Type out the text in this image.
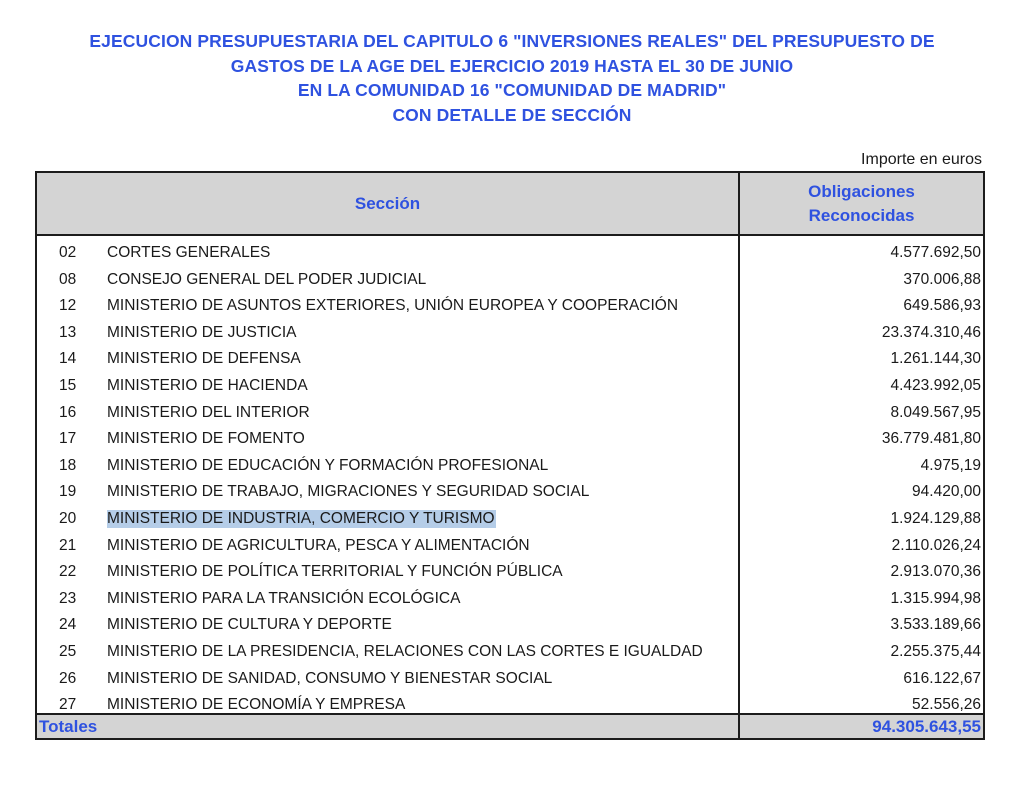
EJECUCION PRESUPUESTARIA DEL CAPITULO 6 "INVERSIONES REALES" DEL PRESUPUESTO DE
GASTOS DE LA AGE DEL EJERCICIO 2019 HASTA EL 30 DE JUNIO
EN LA COMUNIDAD 16 "COMUNIDAD DE MADRID"
CON DETALLE DE SECCIÓN
Importe en euros
Sección
Obligaciones
Reconocidas
02	CORTES GENERALES	4.577.692,50
08	CONSEJO GENERAL DEL PODER JUDICIAL	370.006,88
12	MINISTERIO DE ASUNTOS EXTERIORES, UNIÓN EUROPEA Y COOPERACIÓN	649.586,93
13	MINISTERIO DE JUSTICIA	23.374.310,46
14	MINISTERIO DE DEFENSA	1.261.144,30
15	MINISTERIO DE HACIENDA	4.423.992,05
16	MINISTERIO DEL INTERIOR	8.049.567,95
17	MINISTERIO DE FOMENTO	36.779.481,80
18	MINISTERIO DE EDUCACIÓN Y FORMACIÓN PROFESIONAL	4.975,19
19	MINISTERIO DE TRABAJO, MIGRACIONES Y SEGURIDAD SOCIAL	94.420,00
20	MINISTERIO DE INDUSTRIA, COMERCIO Y TURISMO	1.924.129,88
21	MINISTERIO DE AGRICULTURA, PESCA Y ALIMENTACIÓN	2.110.026,24
22	MINISTERIO DE POLÍTICA TERRITORIAL Y FUNCIÓN PÚBLICA	2.913.070,36
23	MINISTERIO PARA LA TRANSICIÓN ECOLÓGICA	1.315.994,98
24	MINISTERIO DE CULTURA Y DEPORTE	3.533.189,66
25	MINISTERIO DE LA PRESIDENCIA, RELACIONES CON LAS CORTES E IGUALDAD	2.255.375,44
26	MINISTERIO DE SANIDAD, CONSUMO Y BIENESTAR SOCIAL	616.122,67
27	MINISTERIO DE ECONOMÍA Y EMPRESA	52.556,26
Totales	94.305.643,55
